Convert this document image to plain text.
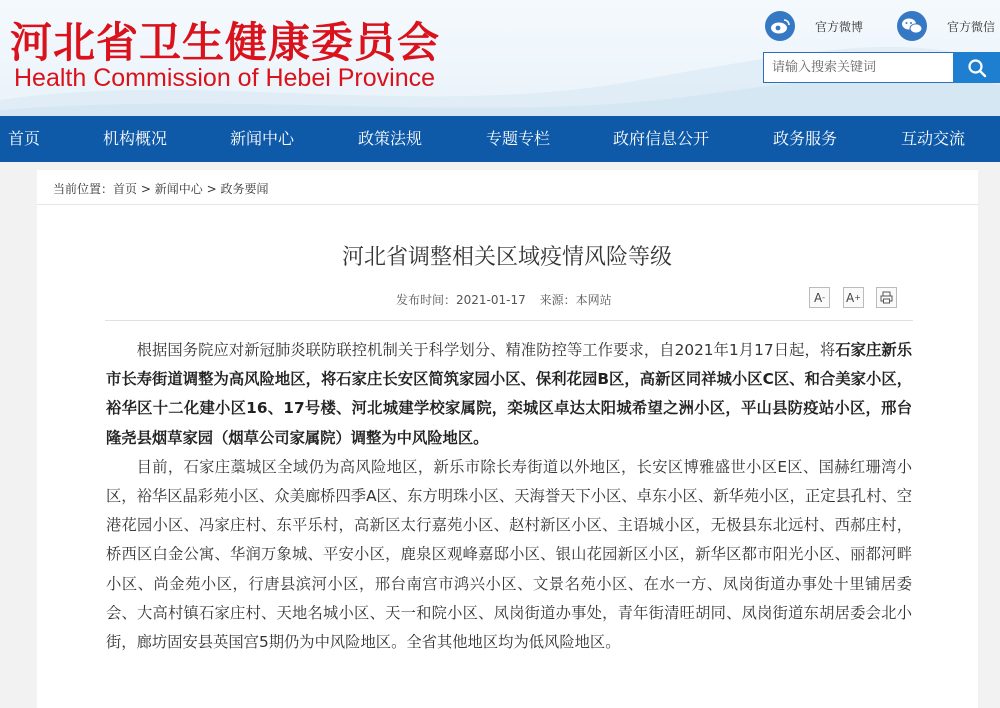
河北省卫生健康委员会
Health Commission of Hebei Province
官方微博	官方微信
请输入搜索关键词
首页	机构概况	新闻中心	政策法规	专题专栏	政府信息公开	政务服务	互动交流
当前位置：首页 > 新闻中心 > 政务要闻
河北省调整相关区域疫情风险等级
发布时间：2021-01-17 来源：本网站	A - A +

根据国务院应对新冠肺炎联防联控机制关于科学划分、精准防控等工作要求，自2021年1月17日起，将石家庄新乐市长寿街道调整为高风险地区，将石家庄长安区简筑家园小区、保利花园B区，高新区同祥城小区C区、和合美家小区，裕华区十二化建小区16、17号楼、河北城建学校家属院，栾城区卓达太阳城希望之洲小区，平山县防疫站小区，邢台隆尧县烟草家园（烟草公司家属院）调整为中风险地区。

目前，石家庄藁城区全域仍为高风险地区，新乐市除长寿街道以外地区，长安区博雅盛世小区E区、国赫红珊湾小区，裕华区晶彩苑小区、众美廊桥四季A区、东方明珠小区、天海誉天下小区、卓东小区、新华苑小区，正定县孔村、空港花园小区、冯家庄村、东平乐村，高新区太行嘉苑小区、赵村新区小区、主语城小区，无极县东北远村、西郝庄村，桥西区白金公寓、华润万象城、平安小区，鹿泉区观峰嘉邸小区、银山花园新区小区，新华区都市阳光小区、丽都河畔小区、尚金苑小区，行唐县滨河小区，邢台南宫市鸿兴小区、文景名苑小区、在水一方、凤岗街道办事处十里铺居委会、大高村镇石家庄村、天地名城小区、天一和院小区、凤岗街道办事处，青年街清旺胡同、凤岗街道东胡居委会北小街，廊坊固安县英国宫5期仍为中风险地区。全省其他地区均为低风险地区。
